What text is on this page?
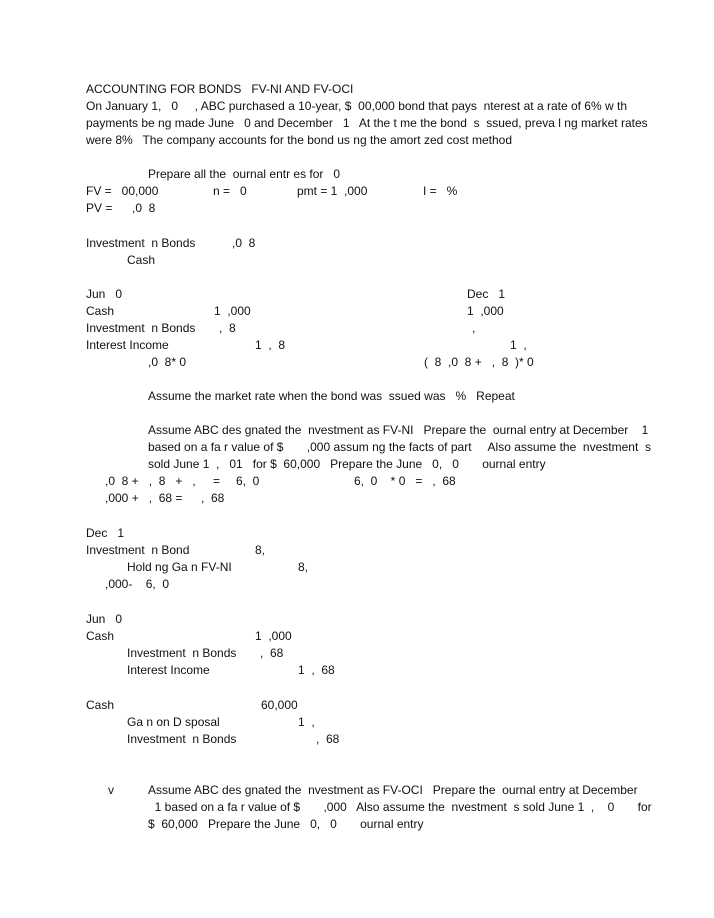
ACCOUNTING FOR BONDS   FV-NI AND FV-OCI
On January 1,   0     , ABC purchased a 10-year, $  00,000 bond that pays  nterest at a rate of 6% w th
payments be ng made June   0 and December   1   At the t me the bond  s  ssued, preva l ng market rates
were 8%   The company accounts for the bond us ng the amort zed cost method
Prepare all the  ournal entr es for   0
FV =   00,000	n =   0	pmt = 1  ,000	I =   %
PV = ,0  8
Investment  n Bonds	,0  8
Cash
Jun   0	Dec   1
Cash	1  ,000	1  ,000
Investment  n Bonds ,  8	,
Interest Income	1  ,  8	1  ,
,0  8* 0	(  8  ,0  8 +   ,  8  )* 0
Assume the market rate when the bond was  ssued was   %   Repeat
Assume ABC des gnated the  nvestment as FV-NI   Prepare the  ournal entry at December    1
based on a fa r value of $       ,000 assum ng the facts of part     Also assume the  nvestment  s
sold June 1  ,   01   for $  60,000   Prepare the June   0,   0       ournal entry
,0  8 +   ,  8   +   , = 6,  0	6,  0    * 0   =   ,  68
,000 +   ,  68 = ,  68
Dec   1
Investment  n Bond	8,
Hold ng Ga n FV-NI	8,
,000-    6,  0
Jun   0
Cash	1  ,000
Investment  n Bonds ,  68
Interest Income	1  ,  68
Cash	60,000
Ga n on D sposal	1  ,
Investment  n Bonds	,  68
v	Assume ABC des gnated the  nvestment as FV-OCI   Prepare the  ournal entry at December
1 based on a fa r value of $       ,000   Also assume the  nvestment  s sold June 1  ,    0       for
$  60,000   Prepare the June   0,   0       ournal entry
